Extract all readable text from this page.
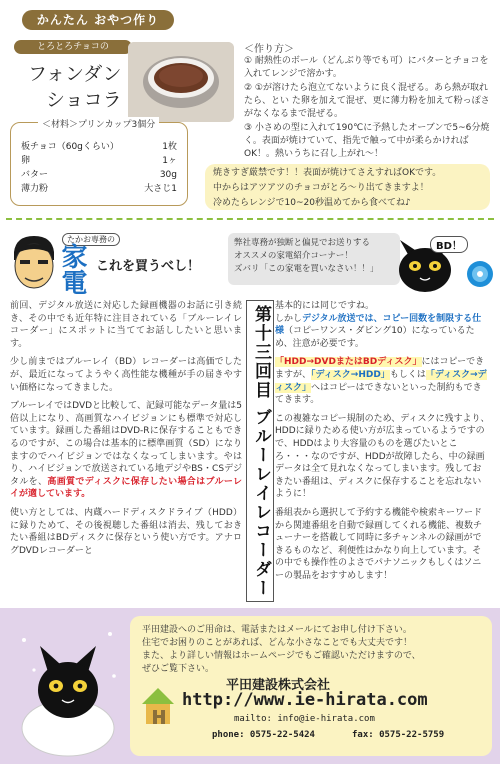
かんたん おやつ作り
とろとろチョコの
フォンダン
ショコラ
板チョコ（60gくらい）	1枚
卵	1ヶ
バター	30g
薄力粉	大さじ1
＜材料＞プリンカップ3個分
＜作り方＞
① 耐熱性のボール（どんぶり等でも可）にバターとチョコを入れてレンジで溶かす。
② ①が溶けたら泡立てないように良く混ぜる。あら熱が取れたら、とい た卵を加えて混ぜ、更に薄力粉を加えて粉っぽさがなくなるまで混ぜる。
③ 小さめの型に入れて190℃に予熱したオーブンで5~6分焼く。表面が焼けていて、指先で触って中が柔らかければOK！。熱いうちに召し上がれ～！
焼きすぎ厳禁です！！表面が焼けてさえすればOKです。
中からはアツアツのチョコがとろ～り出てきますよ！
冷めたらレンジで10~20秒温めてから食べてね♪
たかお専務の
家電 これを買うべし！
弊社専務が独断と偏見でお送りする
オススメの家電紹介コーナー！
ズバリ「この家電を買いなさい！！」
BD！

前回、デジタル放送に対応した録画機器のお話に引き続き、その中でも近年特に注目されている「ブルーレイレコーダー」にスポットに当ててお話ししたいと思います。

少し前まではブルーレイ（BD）レコーダーは高価でしたが、最近になってようやく高性能な機種が手の届きやすい価格になってきました。

ブルーレイではDVDと比較して、記録可能なデータ量は5倍以上になり、高画質なハイビジョンにも標準で対応しています。録画した番組はDVD-Rに保存することもできるのですが、この場合は基本的に標準画質（SD）になりますのでハイビジョンではなくなってしまいます。やはり、ハイビジョンで放送されている地デジやBS・CSデジタルを、高画質でディスクに保存したい場合はブルーレイが適しています。

使い方としては、内蔵ハードディスクドライブ（HDD）に録りためて、その後視聴した番組は消去、残しておきたい番組はBDディスクに保存という使い方です。アナログDVDレコーダーと	第十三回目 ブルーレイレコーダー 基本的には同じですね。
しかしデジタル放送では、コピー回数を制限する仕様（コピーワンス・ダビング10）になっているため、注意が必要です。

「HDD→DVDまたはBDディスク」にはコピーできますが、「ディスク→HDD」もしくは「ディスク→ディスク」へはコピーはできないといった制約もできてきます。

この複雑なコピー規制のため、ディスクに残すより、HDDに録りためる使い方が広まっているようですので、HDDはより大容量のものを選びたいところ・・・なのですが、HDDが故障したら、中の録画データは全て見れなくなってしまいます。残しておきたい番組は、ディスクに保存することを忘れないように！

番組表から選択して予約する機能や検索キーワードから関連番組を自動で録画してくれる機能、複数チューナーを搭載して同時に多チャンネルの録画ができるものなど、利便性はかなり向上しています。その中でも操作性のよさでパナソニックもしくはソニーの製品をおすすめします！

平田建設へのご用命は、電話またはメールにてお申し付け下さい。
住宅でお困りのことがあれば、どんな小さなことでも大丈夫です！
また、より詳しい情報はホームページでもご確認いただけますので、
ぜひご覧下さい。
平田建設株式会社
http://www.ie-hirata.com
mailto: info@ie-hirata.com
phone: 0575-22-5424	fax: 0575-22-5759
